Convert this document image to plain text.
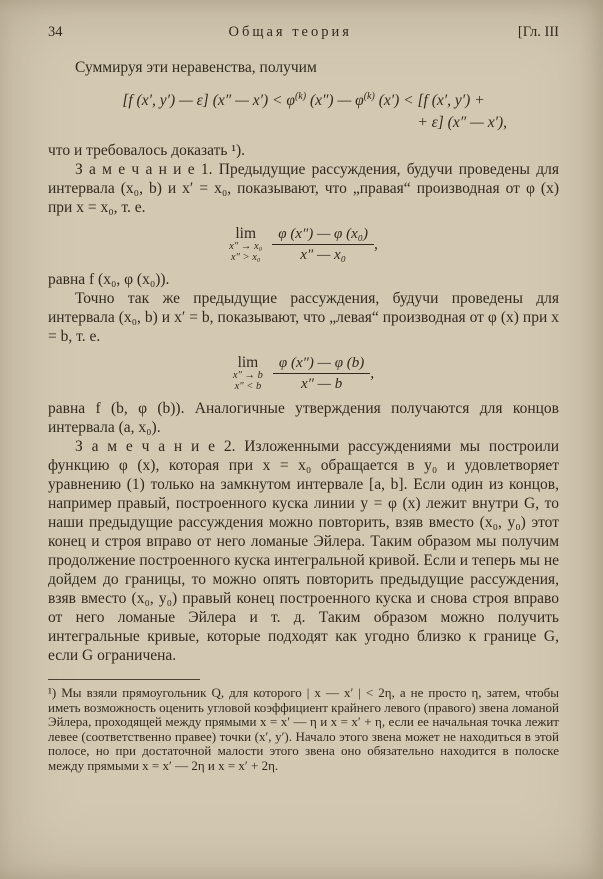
34	Общая теория	[Гл. III

Суммируя эти неравенства, получим

[f (x′, y′) — ε] (x″ — $x') < \varphi^{(k)}$ (x″) — $\varphi^{(k)}$ (x′) < [f (x′, y′) +
+ ε] (x″ — x′),

что и требовалось доказать ¹).

З а м е ч а н и е 1. Предыдущие рассуждения, будучи проведены для интервала (x₀, b) и x′ = x₀, показывают, что „правая“ производная от φ (x) при x = x₀, т. е.

lim
x″ → x₀
$x'' > x_0 \frac{\text{φ (x″) — φ (x₀)}}{\text{x″ — x₀}}$ ,

равна f (x₀, φ (x₀)).

Точно так же предыдущие рассуждения, будучи проведены для интервала (x₀, b) и x′ = b, показывают, что „левая“ производная от φ (x) при x = b, т. е.

lim
x″ → b
x″ < b $\frac{\varphi (x'') — \varphi (b)}{x'' — b}$ ,

равна f (b, φ (b)). Аналогичные утверждения получаются для концов интервала (a, x₀).

З а м е ч а н и е 2. Изложенными рассуждениями мы построили функцию φ (x), которая при x = x₀ обращается в y₀ и удовлетворяет уравнению (1) только на замкнутом интервале [a, b]. Если один из концов, например правый, построенного куска линии y = φ (x) лежит внутри G, то наши предыдущие рассуждения можно повторить, взяв вместо (x₀, y₀) этот конец и строя вправо от него ломаные Эйлера. Таким образом мы получим продолжение построенного куска интегральной кривой. Если и теперь мы не дойдем до границы, то можно опять повторить предыдущие рассуждения, взяв вместо (x₀, y₀) правый конец построенного куска и снова строя вправо от него ломаные Эйлера и т. д. Таким образом можно получить интегральные кривые, которые подходят как угодно близко к границе G, если G ограничена.

¹) Мы взяли прямоугольник Q, для которого | x — x′ | < 2η, а не просто η, затем, чтобы иметь возможность оценить угловой коэффициент крайнего левого (правого) звена ломаной Эйлера, проходящей между прямыми x = x′ — η и x = x′ + η, если ее начальная точка лежит левее (соответственно правее) точки (x′, y′). Начало этого звена может не находиться в этой полосе, но при достаточной малости этого звена оно обязательно находится в полоске между прямыми x = x′ — 2η и x = x′ + 2η.
